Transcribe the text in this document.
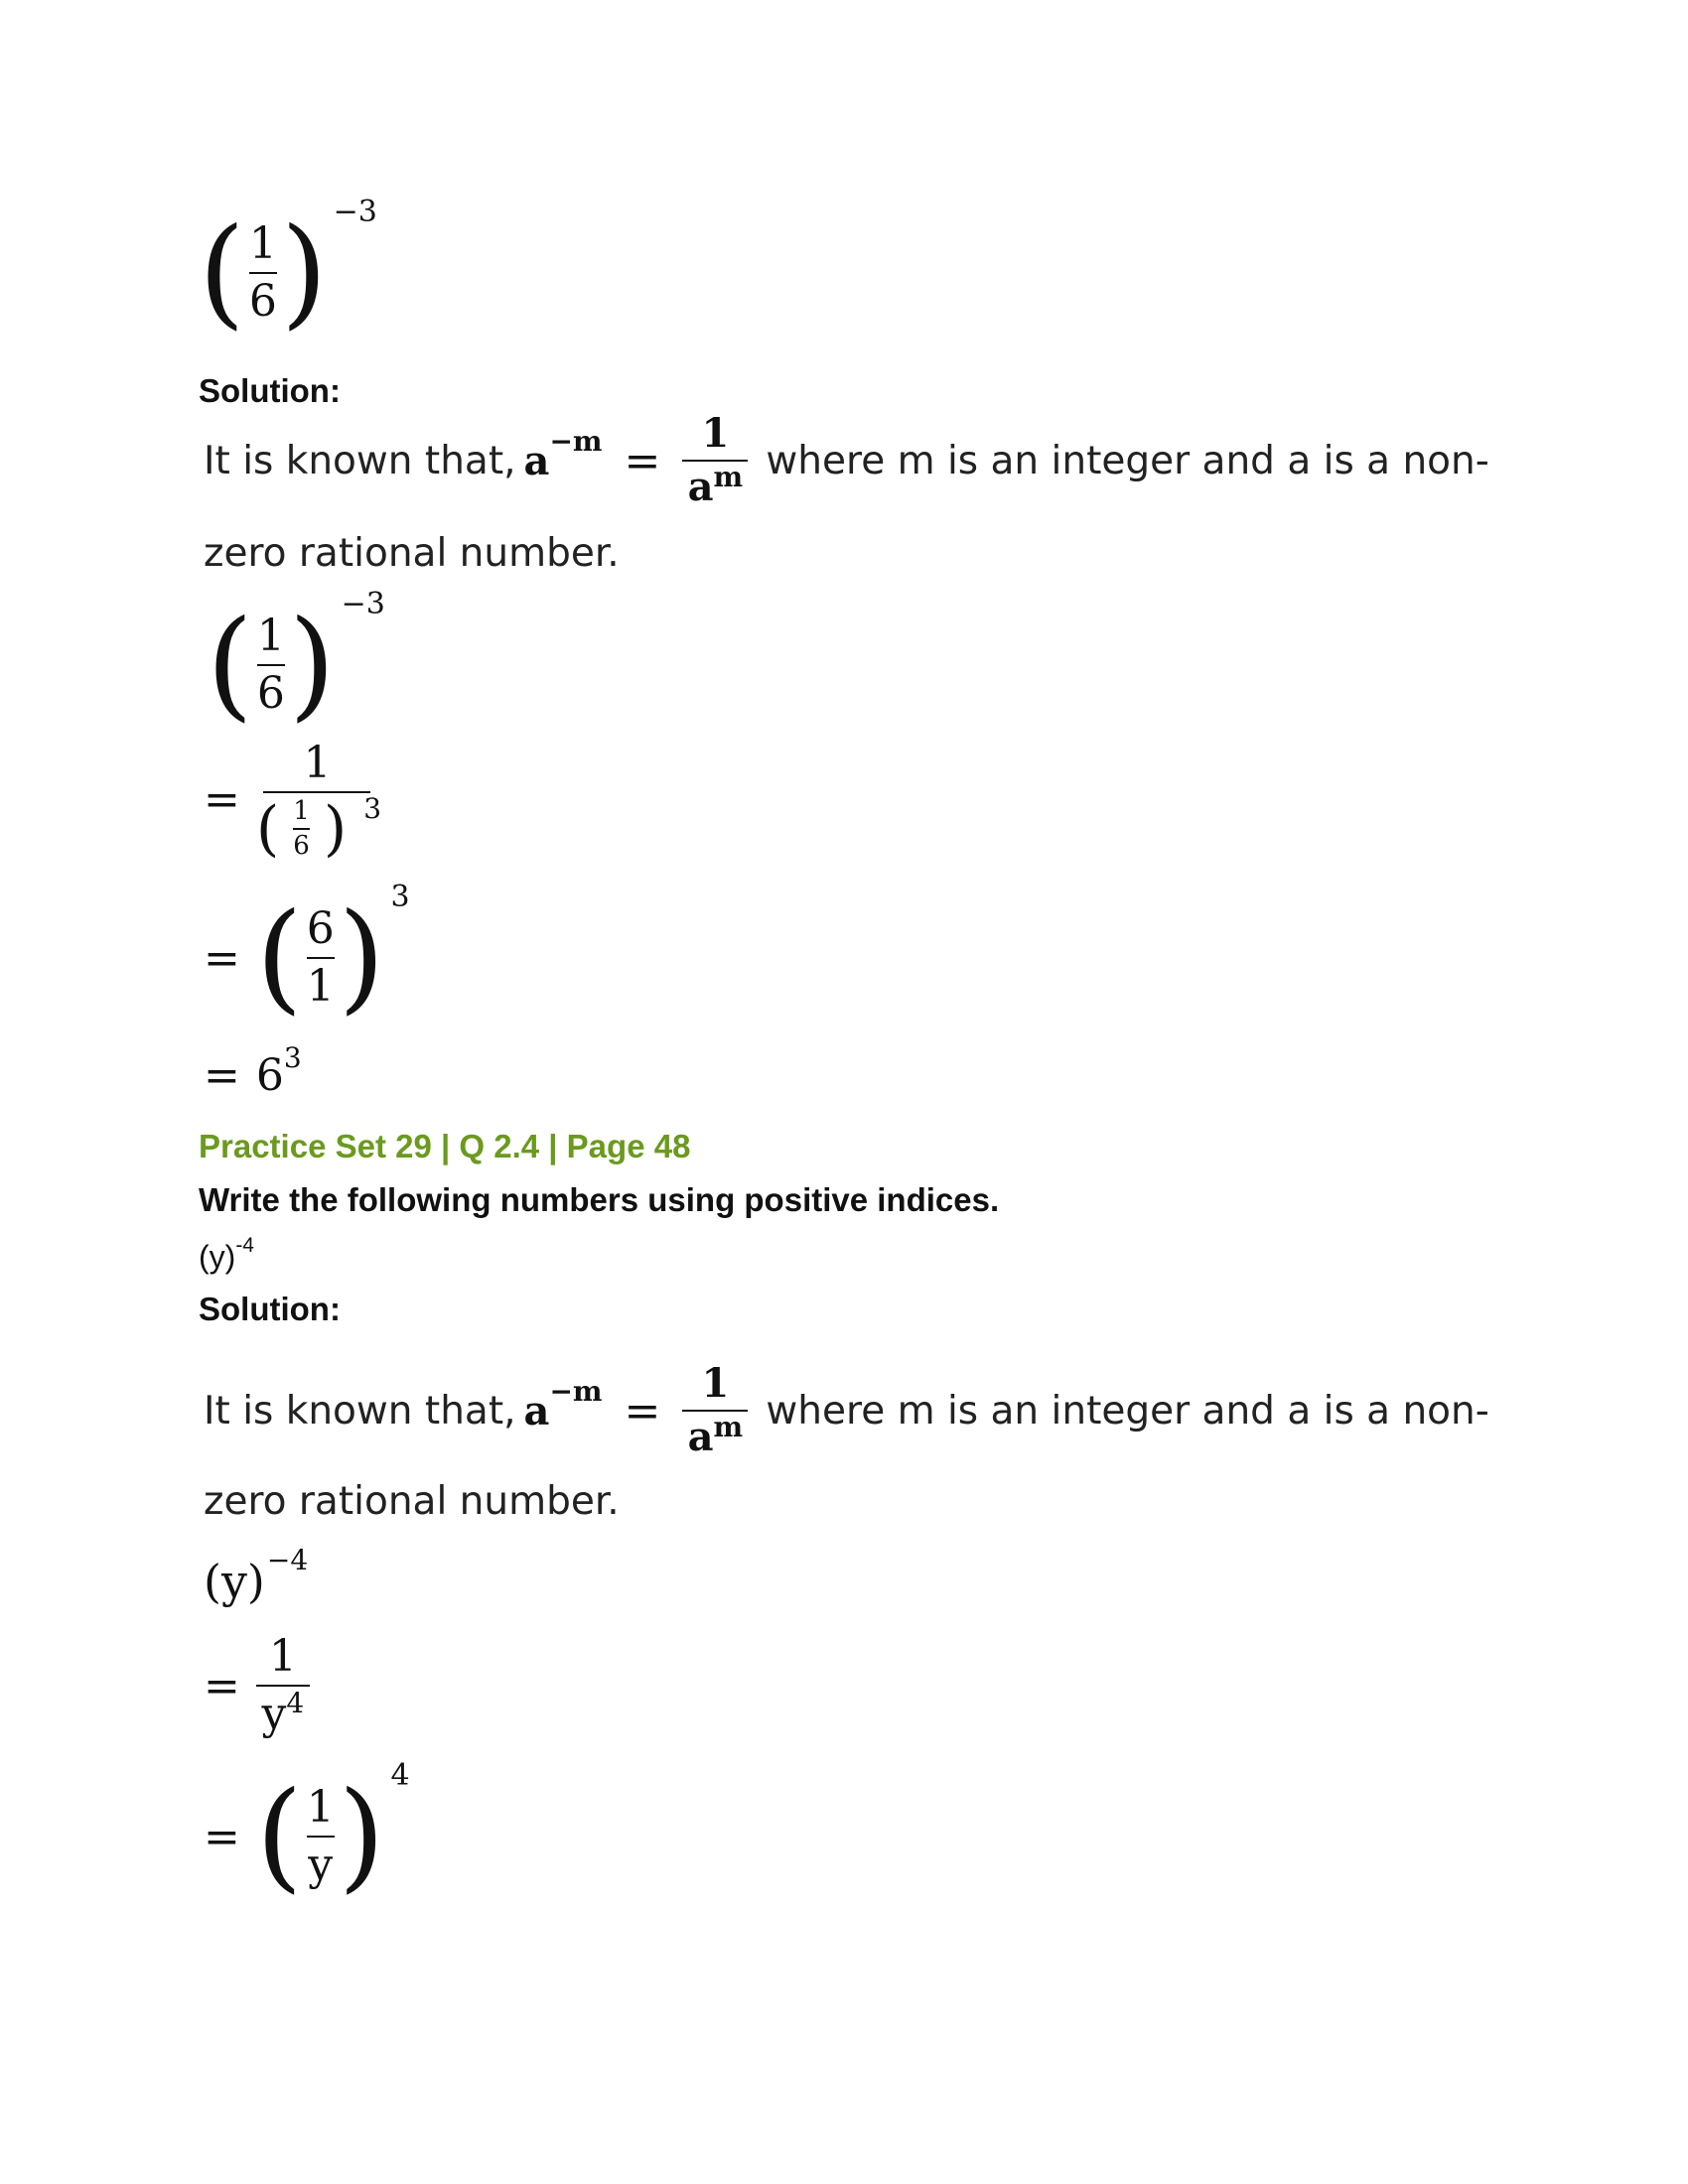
( $\frac{1}{6}$ ) −3
Solution:
It is known that, $a -m = \frac{1}{a^m}$ where m is an integer and a is a non-
zero rational number.
( $\frac{1}{6}$ ) −3
= $\frac{1}{( \frac{1}{6} ) ^3}$
= ( $\frac{6}{1}$ ) 3
= 6 3
Practice Set 29 | Q 2.4 | Page 48
Write the following numbers using positive indices.
(y) -4
Solution:
It is known that, $a -m = \frac{1}{a^m}$ where m is an integer and a is a non-
zero rational number.
(y) −4
= $\frac{1}{y^4}$
= ( $\frac{1}{y}$ ) 4
